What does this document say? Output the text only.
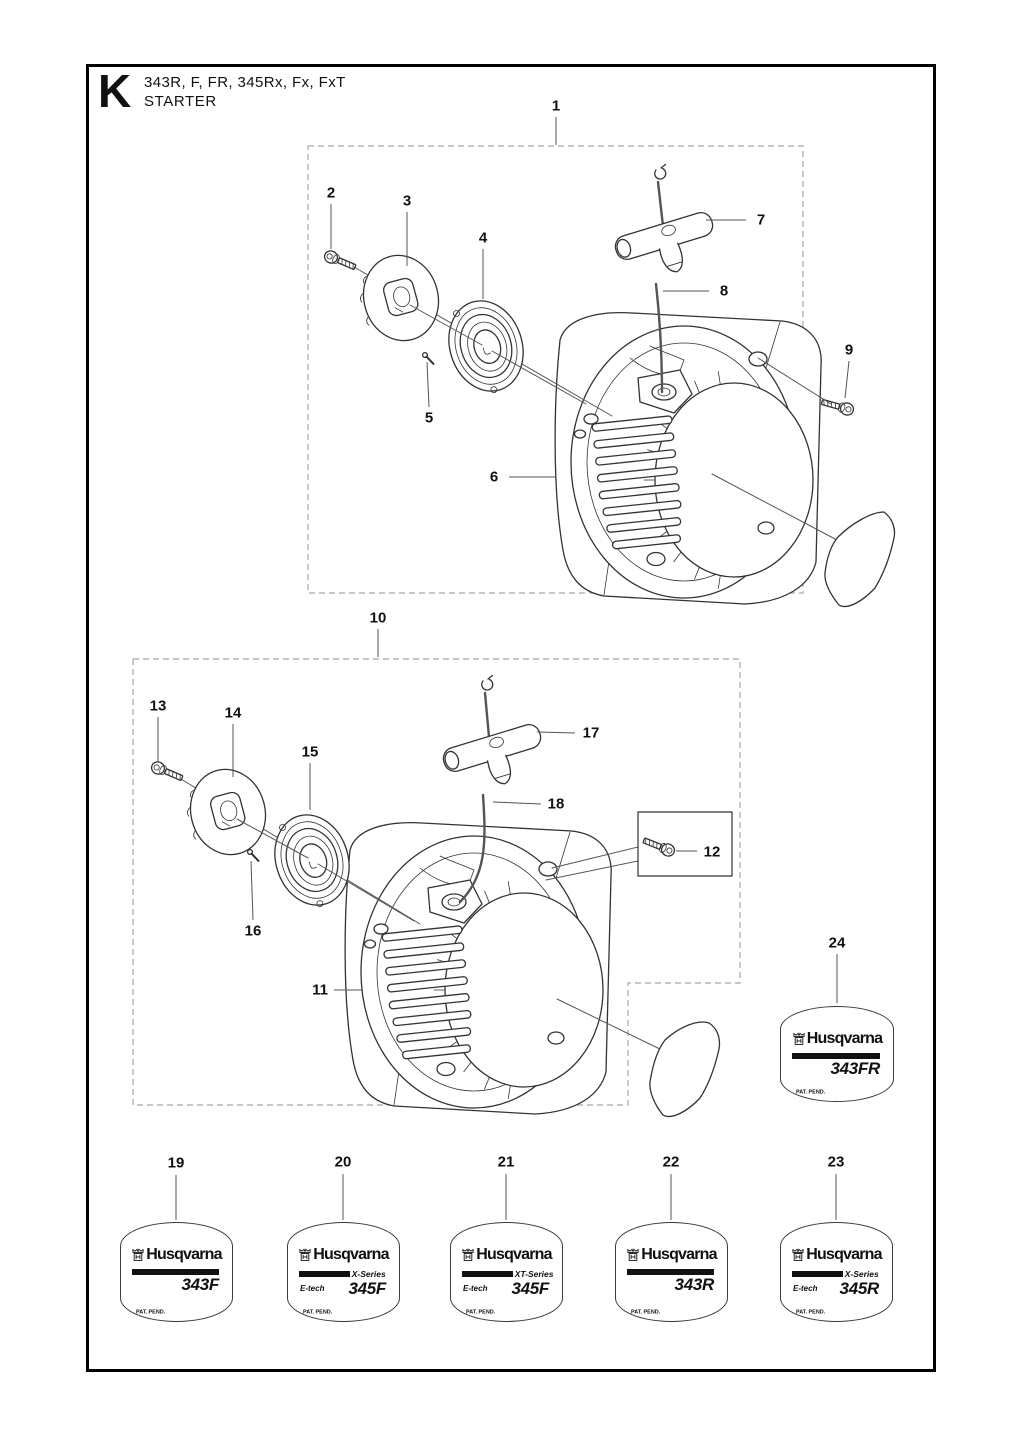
K 343R, F, FR, 345Rx, Fx, FxT
STARTER	1
2	3
4
5
6
7
8
9
10
11
12
13	14
15
16
17
18
19	20	21	22	23
24
Husqvarna
343FR
PAT. PEND.
Husqvarna
343F
PAT. PEND.
Husqvarna
X-Series
E-tech 345F
PAT. PEND.
Husqvarna
XT-Series
E-tech 345F
PAT. PEND.
Husqvarna
343R
PAT. PEND.
Husqvarna
X-Series
E-tech 345R
PAT. PEND.
